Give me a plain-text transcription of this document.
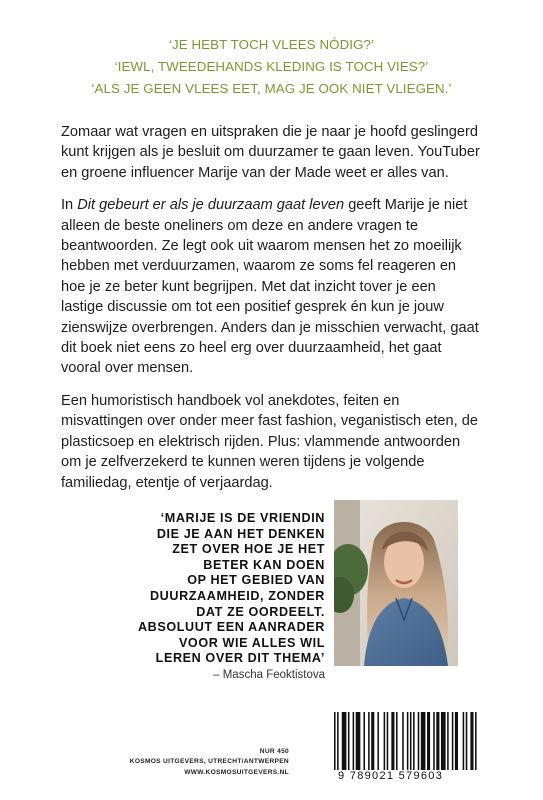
‘JE HEBT TOCH VLEES NÓDIG?’
‘IEWL, TWEEDEHANDS KLEDING IS TOCH VIES?’
‘ALS JE GEEN VLEES EET, MAG JE OOK NIET VLIEGEN.’

Zomaar wat vragen en uitspraken die je naar je hoofd geslingerd kunt krijgen als je besluit om duurzamer te gaan leven. YouTuber en groene influencer Marije van der Made weet er alles van.

In Dit gebeurt er als je duurzaam gaat leven geeft Marije je niet alleen de beste oneliners om deze en andere vragen te beantwoorden. Ze legt ook uit waarom mensen het zo moeilijk hebben met verduurzamen, waarom ze soms fel reageren en hoe je ze beter kunt begrijpen. Met dat inzicht tover je een lastige discussie om tot een positief gesprek én kun je jouw zienswijze overbrengen. Anders dan je misschien verwacht, gaat dit boek niet eens zo heel erg over duurzaamheid, het gaat vooral over mensen.

Een humoristisch handboek vol anekdotes, feiten en misvattingen over onder meer fast fashion, veganistisch eten, de plasticsoep en elektrisch rijden. Plus: vlammende antwoorden om je zelfverzekerd te kunnen weren tijdens je volgende familiedag, etentje of verjaardag.

‘MARIJE IS DE VRIENDIN
DIE JE AAN HET DENKEN
ZET OVER HOE JE HET
BETER KAN DOEN
OP HET GEBIED VAN
DUURZAAMHEID, ZONDER
DAT ZE OORDEELT.
ABSOLUUT EEN AANRADER
VOOR WIE ALLES WIL
LEREN OVER DIT THEMA’
– Mascha Feoktistova
NUR 450
KOSMOS UITGEVERS, UTRECHT/ANTWERPEN
WWW.KOSMOSUITGEVERS.NL	9 789021 579603
